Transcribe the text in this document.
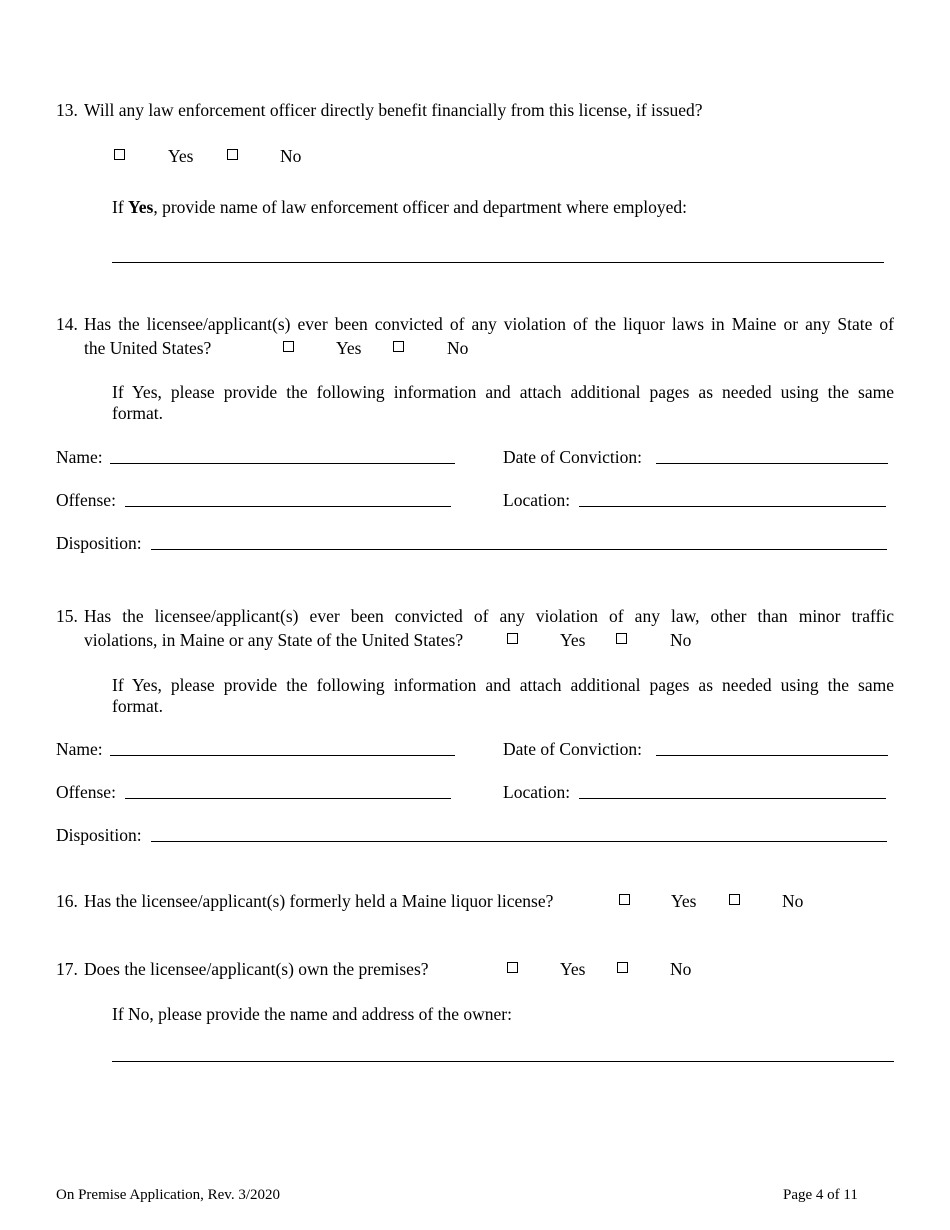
13. Will any law enforcement officer directly benefit financially from this license, if issued?
Yes	No
If Yes, provide name of law enforcement officer and department where employed:
14. Has the licensee/applicant(s) ever been convicted of any violation of the liquor laws in Maine or any State of
the United States?	Yes	No
If Yes, please provide the following information and attach additional pages as needed using the same
format.
Name:	Date of Conviction:
Offense:	Location:
Disposition:
15. Has the licensee/applicant(s) ever been convicted of any violation of any law, other than minor traffic
violations, in Maine or any State of the United States?	Yes	No
If Yes, please provide the following information and attach additional pages as needed using the same
format.
Name:	Date of Conviction:
Offense:	Location:
Disposition:
16. Has the licensee/applicant(s) formerly held a Maine liquor license?	Yes	No
17. Does the licensee/applicant(s) own the premises?	Yes	No
If No, please provide the name and address of the owner:
On Premise Application, Rev. 3/2020	Page 4 of 11
